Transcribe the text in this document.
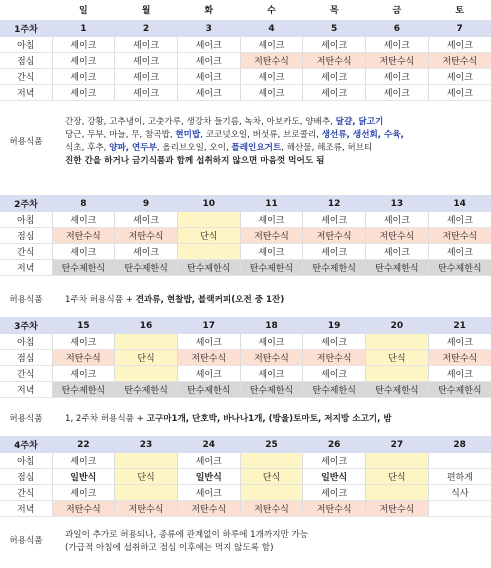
	일	월	화	수	목	금	토
1주차	1	2	3	4	5	6	7
아침	셰이크	셰이크	셰이크	셰이크	셰이크	셰이크	셰이크
점심	셰이크	셰이크	셰이크	저탄수식	저탄수식	저탄수식	저탄수식
간식	셰이크	셰이크	셰이크	셰이크	셰이크	셰이크	셰이크
저녁	셰이크	셰이크	셰이크	셰이크	셰이크	셰이크	셰이크
허용식품
간장, 강황, 고추냉이, 고춧가루, 생강차 들기름, 녹차, 아보카도, 양배추, 달걀, 닭고기
당근, 두부, 마늘, 무, 참곡밥, 현미밥, 코코넛오일, 버섯류, 브로콜리, 생선류, 생선회, 수육,
식초, 후추, 양파, 연두부, 올리브오일, 오이, 플레인요거트, 해산물, 해조류, 허브티
진한 간을 하거나 금기식품과 함께 섭취하지 않으면 마음껏 먹어도 됨
2주차	8	9	10	11	12	13	14
아침	셰이크	셰이크		셰이크	셰이크	셰이크	셰이크
점심	저탄수식	저탄수식	단식	저탄수식	저탄수식	저탄수식	저탄수식
간식	셰이크	셰이크		셰이크	셰이크	셰이크	셰이크
저녁	탄수제한식	탄수제한식	탄수제한식	탄수제한식	탄수제한식	탄수제한식	탄수제한식
허용식품	1주차 허용식품 + 견과류, 현찰밥, 블랙커피(오전 중 1잔)
3주차	15	16	17	18	19	20	21
아침	셰이크		셰이크	셰이크	셰이크		셰이크
점심	저탄수식	단식	저탄수식	저탄수식	저탄수식	단식	저탄수식
간식	셰이크		셰이크	셰이크	셰이크		셰이크
저녁	탄수제한식	탄수제한식	탄수제한식	탄수제한식	탄수제한식	탄수제한식	탄수제한식
허용식품	1, 2주차 허용식품 + 고구마1개, 단호박, 바나나1개, (방울)토마토, 저지방 소고기, 밤
4주차	22	23	24	25	26	27	28
아침	셰이크		셰이크		셰이크		
점심	일반식	단식	일반식	단식	일반식	단식	편하게
간식	셰이크		셰이크		셰이크		식사
저녁	저탄수식	저탄수식	저탄수식	저탄수식	저탄수식	저탄수식	
허용식품
과일이 추가로 허용되나, 종류에 관계없이 하루에 1개까지만 가능
(가급적 아침에 섭취하고 점심 이후에는 먹지 않도록 함)
